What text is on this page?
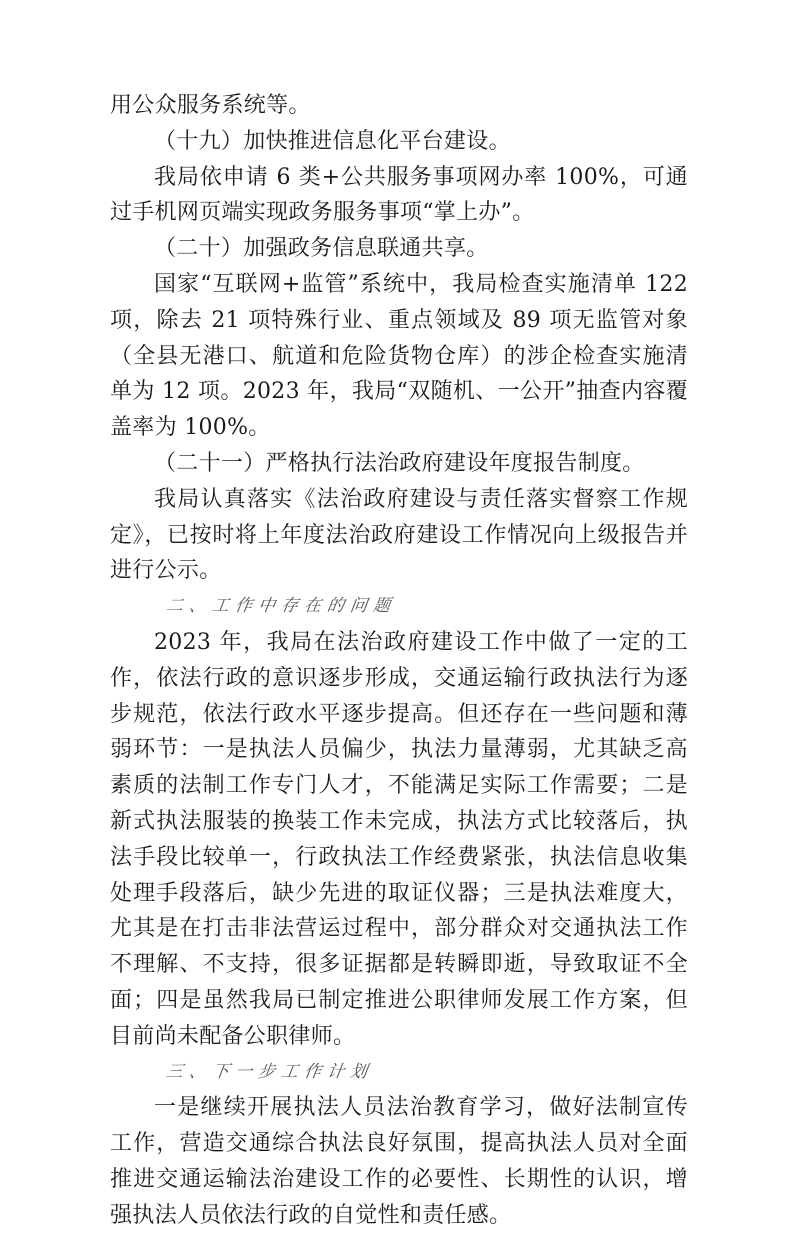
用公众服务系统等。

（十九）加快推进信息化平台建设。

我局依申请 6 类+公共服务事项网办率 100%，可通过手机网页端实现政务服务事项“掌上办”。

（二十）加强政务信息联通共享。

国家“互联网+监管”系统中，我局检查实施清单 122 项，除去 21 项特殊行业、重点领域及 89 项无监管对象（全县无港口、航道和危险货物仓库）的涉企检查实施清单为 12 项。2023 年，我局“双随机、一公开”抽查内容覆盖率为 100%。

（二十一）严格执行法治政府建设年度报告制度。

我局认真落实《法治政府建设与责任落实督察工作规定》，已按时将上年度法治政府建设工作情况向上级报告并进行公示。

二、工作中存在的问题

2023 年，我局在法治政府建设工作中做了一定的工作，依法行政的意识逐步形成，交通运输行政执法行为逐步规范，依法行政水平逐步提高。但还存在一些问题和薄弱环节：一是执法人员偏少，执法力量薄弱，尤其缺乏高素质的法制工作专门人才，不能满足实际工作需要；二是新式执法服装的换装工作未完成，执法方式比较落后，执法手段比较单一，行政执法工作经费紧张，执法信息收集处理手段落后，缺少先进的取证仪器；三是执法难度大，尤其是在打击非法营运过程中，部分群众对交通执法工作不理解、不支持，很多证据都是转瞬即逝，导致取证不全面；四是虽然我局已制定推进公职律师发展工作方案，但目前尚未配备公职律师。

三、下一步工作计划

一是继续开展执法人员法治教育学习，做好法制宣传工作，营造交通综合执法良好氛围，提高执法人员对全面推进交通运输法治建设工作的必要性、长期性的认识，增强执法人员依法行政的自觉性和责任感。
